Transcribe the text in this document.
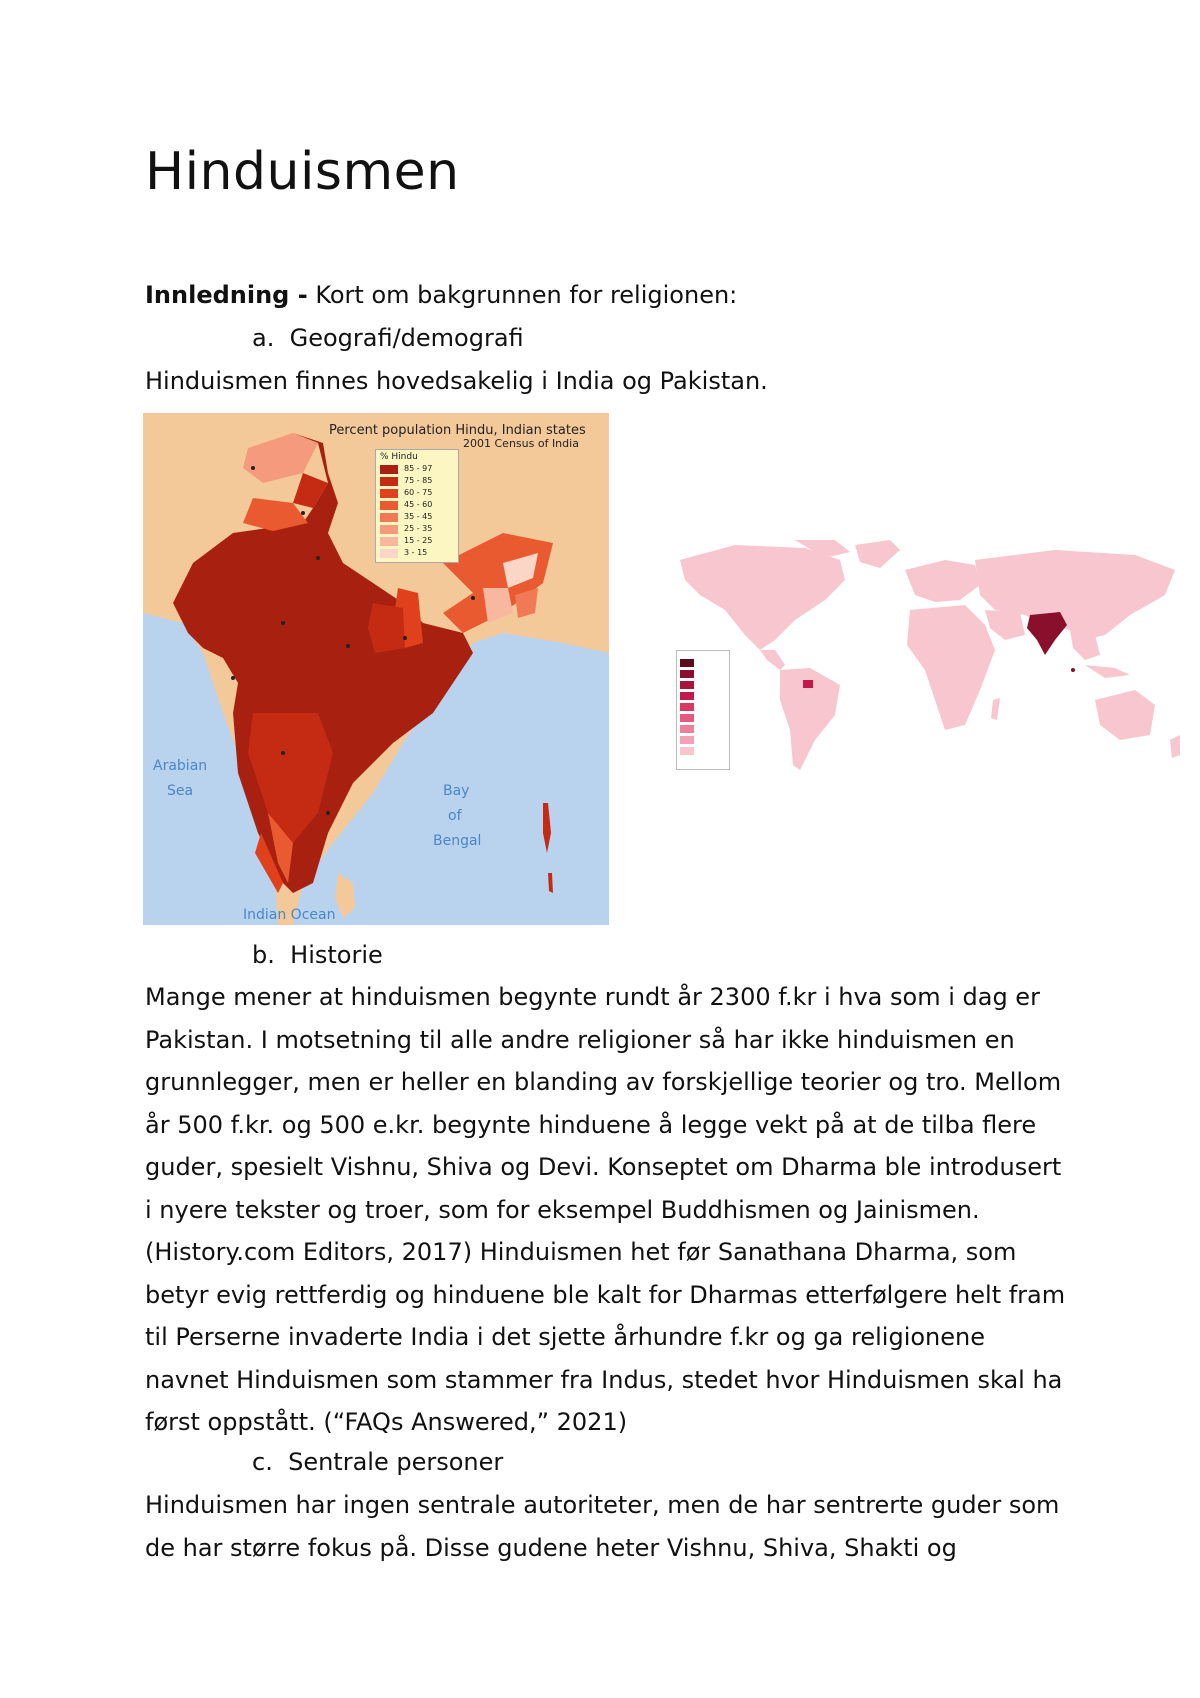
Hinduismen
Innledning - Kort om bakgrunnen for religionen:
a. Geografi/demografi
Hinduismen finnes hovedsakelig i India og Pakistan.
Percent population Hindu, Indian states
2001 Census of India
% Hindu
85 - 97
75 - 85
60 - 75
45 - 60
35 - 45
25 - 35
15 - 25
3 - 15
Arabian
Sea	Bay
of
Bengal
Indian Ocean
b. Historie

Mange mener at hinduismen begynte rundt år 2300 f.kr i hva som i dag er Pakistan. I motsetning til alle andre religioner så har ikke hinduismen en grunnlegger, men er heller en blanding av forskjellige teorier og tro. Mellom år 500 f.kr. og 500 e.kr. begynte hinduene å legge vekt på at de tilba flere guder, spesielt Vishnu, Shiva og Devi. Konseptet om Dharma ble introdusert i nyere tekster og troer, som for eksempel Buddhismen og Jainismen. (History.com Editors, 2017) Hinduismen het før Sanathana Dharma, som betyr evig rettferdig og hinduene ble kalt for Dharmas etterfølgere helt fram til Perserne invaderte India i det sjette århundre f.kr og ga religionene navnet Hinduismen som stammer fra Indus, stedet hvor Hinduismen skal ha først oppstått. (“FAQs Answered,” 2021)

c. Sentrale personer

Hinduismen har ingen sentrale autoriteter, men de har sentrerte guder som de har større fokus på. Disse gudene heter Vishnu, Shiva, Shakti og
